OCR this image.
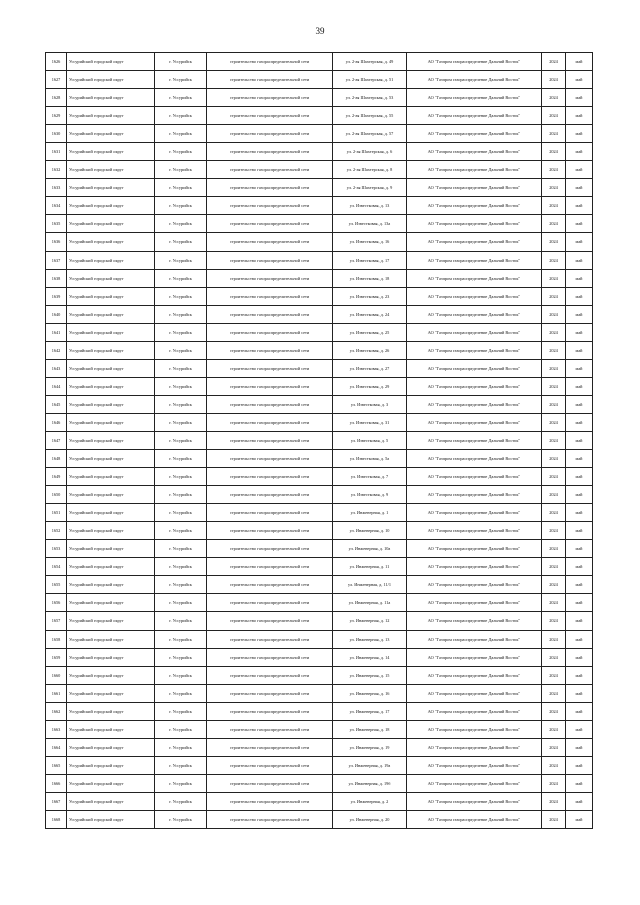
39
1626	Уссурийский городской округ	г. Уссурийск	строительство газораспределительной сети	ул. 2-ая Шахтерская, д. 49	АО "Газпром газораспределение Дальний Восток"	2024	май
1627	Уссурийский городской округ	г. Уссурийск	строительство газораспределительной сети	ул. 2-ая Шахтерская, д. 51	АО "Газпром газораспределение Дальний Восток"	2024	май
1628	Уссурийский городской округ	г. Уссурийск	строительство газораспределительной сети	ул. 2-ая Шахтерская, д. 53	АО "Газпром газораспределение Дальний Восток"	2024	май
1629	Уссурийский городской округ	г. Уссурийск	строительство газораспределительной сети	ул. 2-ая Шахтерская, д. 55	АО "Газпром газораспределение Дальний Восток"	2024	май
1630	Уссурийский городской округ	г. Уссурийск	строительство газораспределительной сети	ул. 2-ая Шахтерская, д. 57	АО "Газпром газораспределение Дальний Восток"	2024	май
1631	Уссурийский городской округ	г. Уссурийск	строительство газораспределительной сети	ул. 2-ая Шахтерская, д. 6	АО "Газпром газораспределение Дальний Восток"	2024	май
1632	Уссурийский городской округ	г. Уссурийск	строительство газораспределительной сети	ул. 2-ая Шахтерская, д. 8	АО "Газпром газораспределение Дальний Восток"	2024	май
1633	Уссурийский городской округ	г. Уссурийск	строительство газораспределительной сети	ул. 2-ая Шахтерская, д. 9	АО "Газпром газораспределение Дальний Восток"	2024	май
1634	Уссурийский городской округ	г. Уссурийск	строительство газораспределительной сети	ул. Известковая, д. 13	АО "Газпром газораспределение Дальний Восток"	2024	май
1635	Уссурийский городской округ	г. Уссурийск	строительство газораспределительной сети	ул. Известковая, д. 13а	АО "Газпром газораспределение Дальний Восток"	2024	май
1636	Уссурийский городской округ	г. Уссурийск	строительство газораспределительной сети	ул. Известковая, д. 16	АО "Газпром газораспределение Дальний Восток"	2024	май
1637	Уссурийский городской округ	г. Уссурийск	строительство газораспределительной сети	ул. Известковая, д. 17	АО "Газпром газораспределение Дальний Восток"	2024	май
1638	Уссурийский городской округ	г. Уссурийск	строительство газораспределительной сети	ул. Известковая, д. 18	АО "Газпром газораспределение Дальний Восток"	2024	май
1639	Уссурийский городской округ	г. Уссурийск	строительство газораспределительной сети	ул. Известковая, д. 23	АО "Газпром газораспределение Дальний Восток"	2024	май
1640	Уссурийский городской округ	г. Уссурийск	строительство газораспределительной сети	ул. Известковая, д. 24	АО "Газпром газораспределение Дальний Восток"	2024	май
1641	Уссурийский городской округ	г. Уссурийск	строительство газораспределительной сети	ул. Известковая, д. 25	АО "Газпром газораспределение Дальний Восток"	2024	май
1642	Уссурийский городской округ	г. Уссурийск	строительство газораспределительной сети	ул. Известковая, д. 26	АО "Газпром газораспределение Дальний Восток"	2024	май
1643	Уссурийский городской округ	г. Уссурийск	строительство газораспределительной сети	ул. Известковая, д. 27	АО "Газпром газораспределение Дальний Восток"	2024	май
1644	Уссурийский городской округ	г. Уссурийск	строительство газораспределительной сети	ул. Известковая, д. 29	АО "Газпром газораспределение Дальний Восток"	2024	май
1645	Уссурийский городской округ	г. Уссурийск	строительство газораспределительной сети	ул. Известковая, д. 3	АО "Газпром газораспределение Дальний Восток"	2024	май
1646	Уссурийский городской округ	г. Уссурийск	строительство газораспределительной сети	ул. Известковая, д. 31	АО "Газпром газораспределение Дальний Восток"	2024	май
1647	Уссурийский городской округ	г. Уссурийск	строительство газораспределительной сети	ул. Известковая, д. 5	АО "Газпром газораспределение Дальний Восток"	2024	май
1648	Уссурийский городской округ	г. Уссурийск	строительство газораспределительной сети	ул. Известковая, д. 5а	АО "Газпром газораспределение Дальний Восток"	2024	май
1649	Уссурийский городской округ	г. Уссурийск	строительство газораспределительной сети	ул. Известковая, д. 7	АО "Газпром газораспределение Дальний Восток"	2024	май
1650	Уссурийский городской округ	г. Уссурийск	строительство газораспределительной сети	ул. Известковая, д. 9	АО "Газпром газораспределение Дальний Восток"	2024	май
1651	Уссурийский городской округ	г. Уссурийск	строительство газораспределительной сети	ул. Инженерная, д. 1	АО "Газпром газораспределение Дальний Восток"	2024	май
1652	Уссурийский городской округ	г. Уссурийск	строительство газораспределительной сети	ул. Инженерная, д. 10	АО "Газпром газораспределение Дальний Восток"	2024	май
1653	Уссурийский городской округ	г. Уссурийск	строительство газораспределительной сети	ул. Инженерная, д. 10а	АО "Газпром газораспределение Дальний Восток"	2024	май
1654	Уссурийский городской округ	г. Уссурийск	строительство газораспределительной сети	ул. Инженерная, д. 11	АО "Газпром газораспределение Дальний Восток"	2024	май
1655	Уссурийский городской округ	г. Уссурийск	строительство газораспределительной сети	ул. Инженерная, д. 11/1	АО "Газпром газораспределение Дальний Восток"	2024	май
1656	Уссурийский городской округ	г. Уссурийск	строительство газораспределительной сети	ул. Инженерная, д. 11а	АО "Газпром газораспределение Дальний Восток"	2024	май
1657	Уссурийский городской округ	г. Уссурийск	строительство газораспределительной сети	ул. Инженерная, д. 12	АО "Газпром газораспределение Дальний Восток"	2024	май
1658	Уссурийский городской округ	г. Уссурийск	строительство газораспределительной сети	ул. Инженерная, д. 13	АО "Газпром газораспределение Дальний Восток"	2024	май
1659	Уссурийский городской округ	г. Уссурийск	строительство газораспределительной сети	ул. Инженерная, д. 14	АО "Газпром газораспределение Дальний Восток"	2024	май
1660	Уссурийский городской округ	г. Уссурийск	строительство газораспределительной сети	ул. Инженерная, д. 15	АО "Газпром газораспределение Дальний Восток"	2024	май
1661	Уссурийский городской округ	г. Уссурийск	строительство газораспределительной сети	ул. Инженерная, д. 16	АО "Газпром газораспределение Дальний Восток"	2024	май
1662	Уссурийский городской округ	г. Уссурийск	строительство газораспределительной сети	ул. Инженерная, д. 17	АО "Газпром газораспределение Дальний Восток"	2024	май
1663	Уссурийский городской округ	г. Уссурийск	строительство газораспределительной сети	ул. Инженерная, д. 18	АО "Газпром газораспределение Дальний Восток"	2024	май
1664	Уссурийский городской округ	г. Уссурийск	строительство газораспределительной сети	ул. Инженерная, д. 19	АО "Газпром газораспределение Дальний Восток"	2024	май
1665	Уссурийский городской округ	г. Уссурийск	строительство газораспределительной сети	ул. Инженерная, д. 19а	АО "Газпром газораспределение Дальний Восток"	2024	май
1666	Уссурийский городской округ	г. Уссурийск	строительство газораспределительной сети	ул. Инженерная, д. 19б	АО "Газпром газораспределение Дальний Восток"	2024	май
1667	Уссурийский городской округ	г. Уссурийск	строительство газораспределительной сети	ул. Инженерная, д. 2	АО "Газпром газораспределение Дальний Восток"	2024	май
1668	Уссурийский городской округ	г. Уссурийск	строительство газораспределительной сети	ул. Инженерная, д. 20	АО "Газпром газораспределение Дальний Восток"	2024	май
